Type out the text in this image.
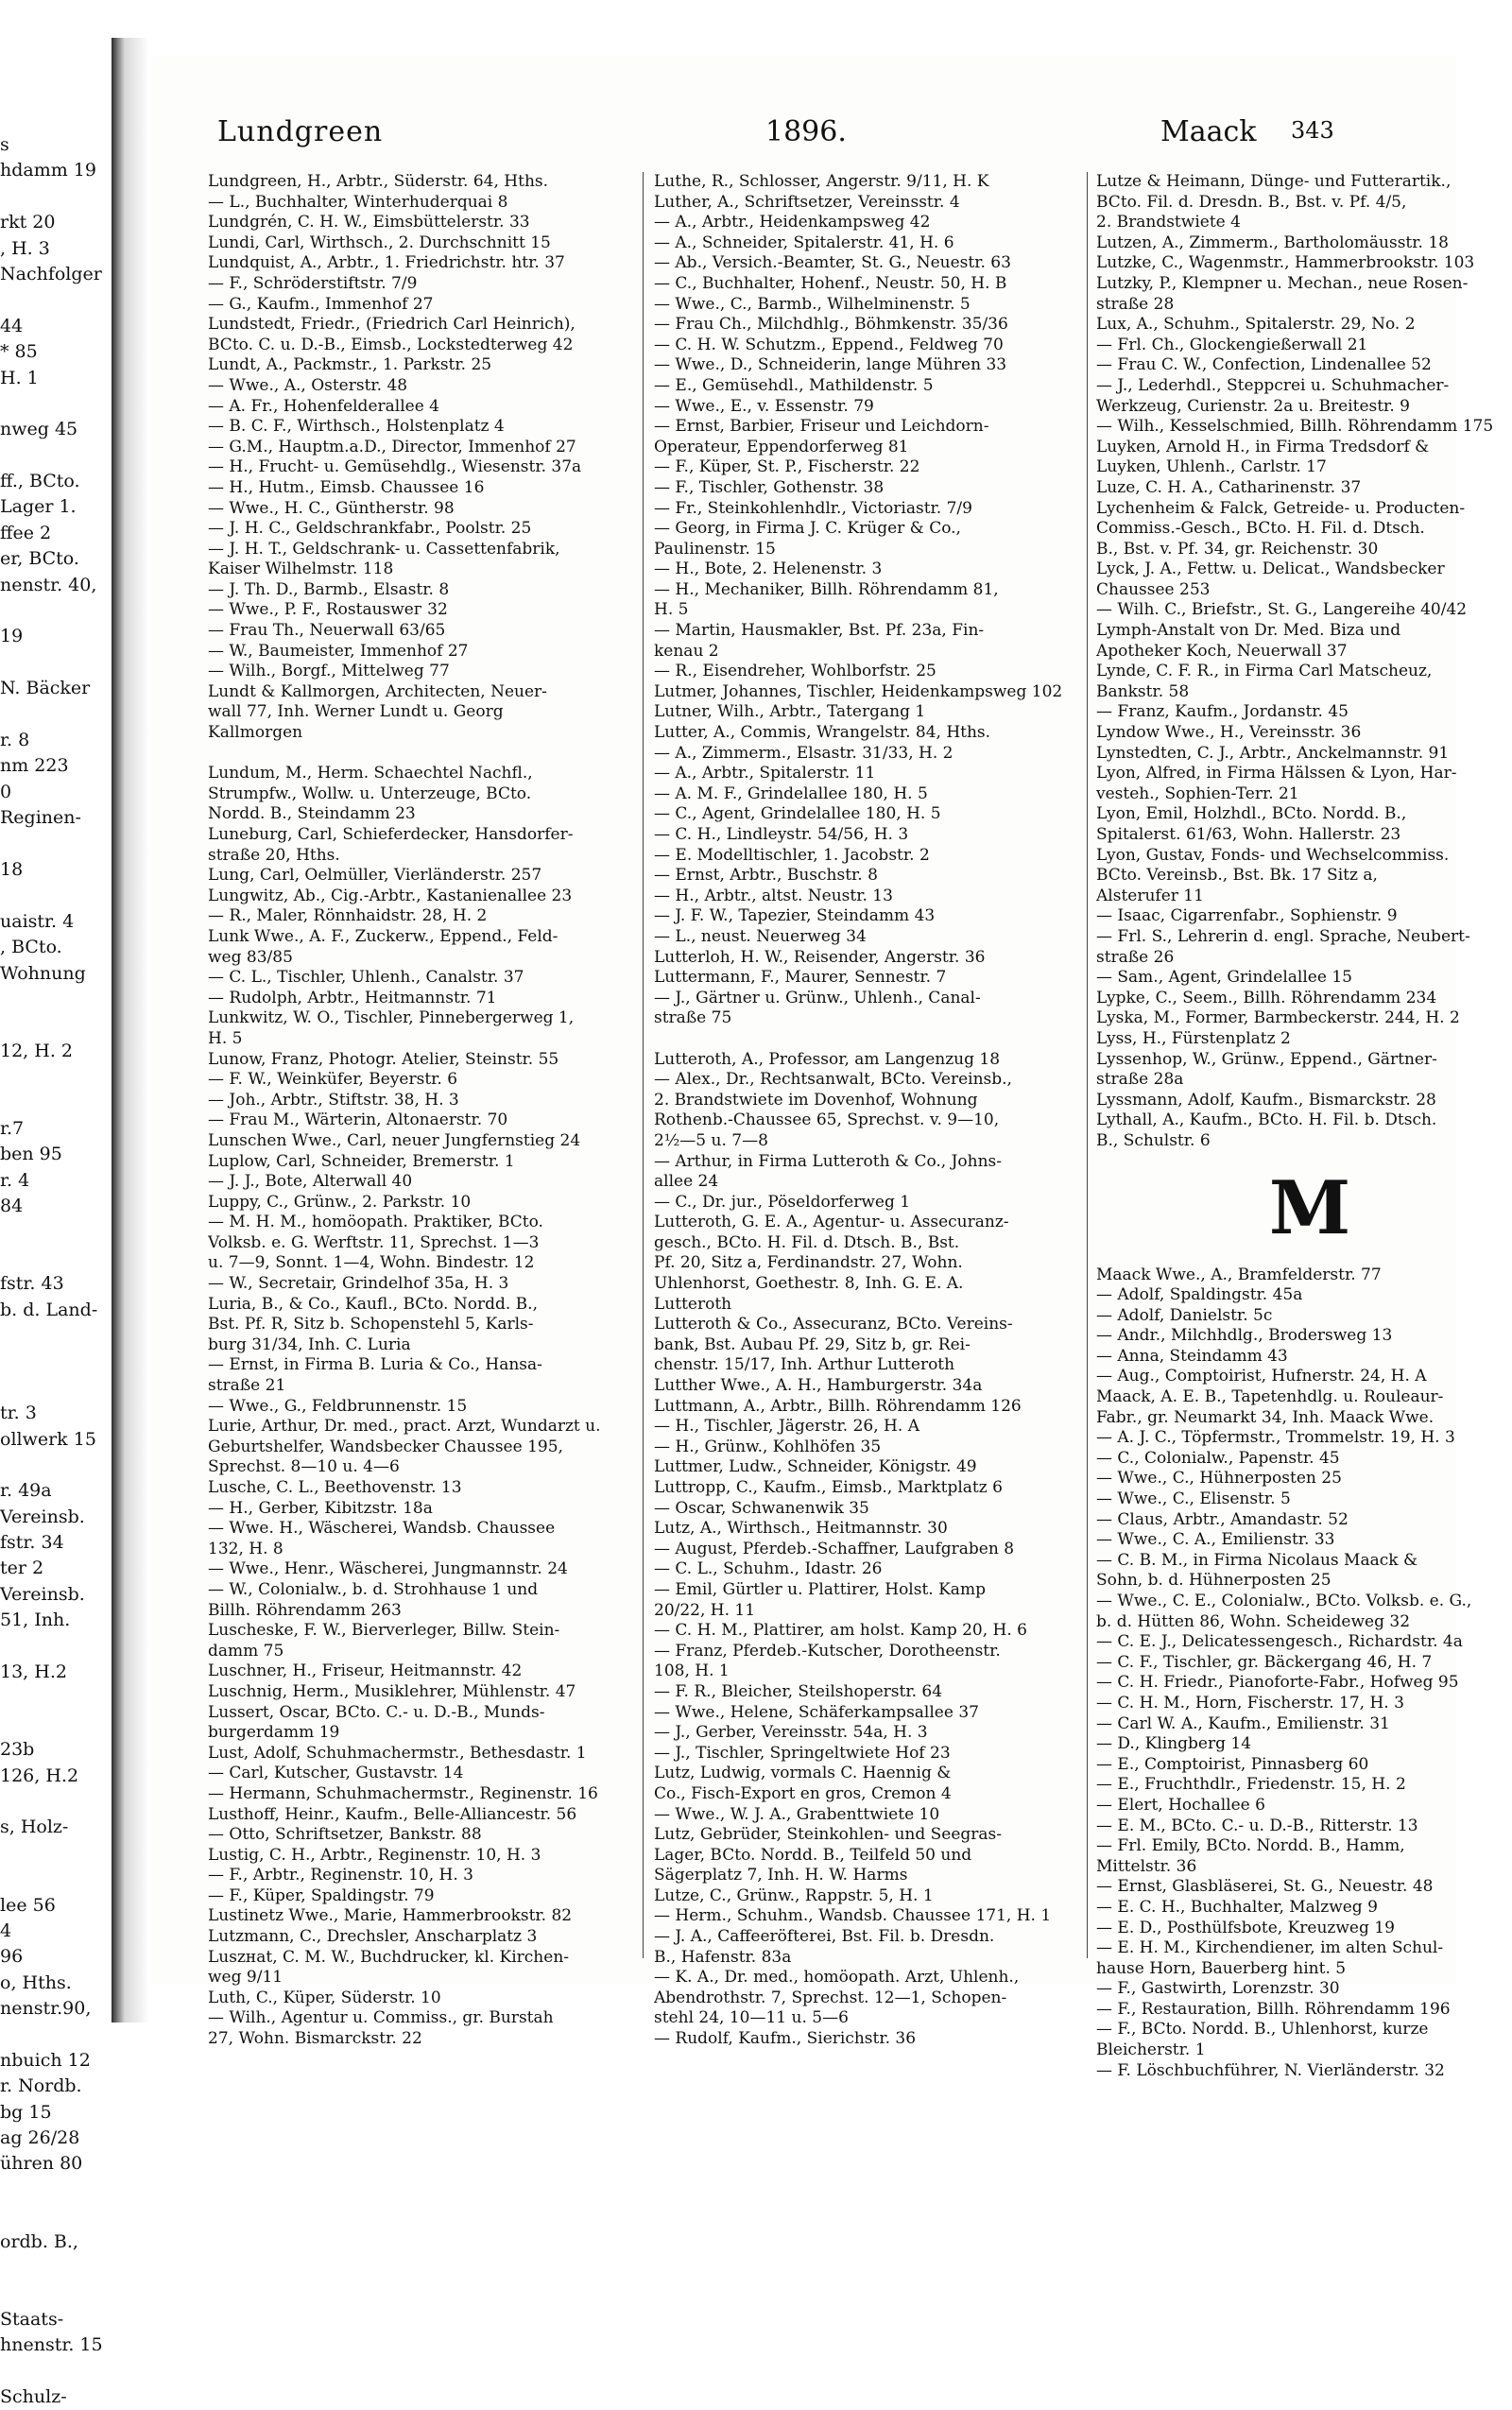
s
hdamm 19
rkt 20
, H. 3
Nachfolger
44
* 85
H. 1
nweg 45
ff., BCto.
Lager 1.
ffee 2
er, BCto.
nenstr. 40,
19
N. Bäcker
r. 8
nm 223
0
Reginen-
18
uaistr. 4
, BCto.
Wohnung
12, H. 2
r.7
ben 95
r. 4
84
fstr. 43
b. d. Land-
tr. 3
ollwerk 15
r. 49a
Vereinsb.
fstr. 34
ter 2
Vereinsb.
51, Inh.
13, H.2
23b
126, H.2
s, Holz-
lee 56
4
96
o, Hths.
nenstr.90,
nbuich 12
r. Nordb.
bg 15
ag 26/28
ühren 80
ordb. B.,
Staats-
hnenstr. 15
Schulz-
Lundgreen	1896.	Maack 343
Lundgreen, H., Arbtr., Süderstr. 64, Hths.
— L., Buchhalter, Winterhuderquai 8
Lundgrén, C. H. W., Eimsbüttelerstr. 33
Lundi, Carl, Wirthsch., 2. Durchschnitt 15
Lundquist, A., Arbtr., 1. Friedrichstr. htr. 37
— F., Schröderstiftstr. 7/9
— G., Kaufm., Immenhof 27
Lundstedt, Friedr., (Friedrich Carl Heinrich),
BCto. C. u. D.-B., Eimsb., Lockstedterweg 42
Lundt, A., Packmstr., 1. Parkstr. 25
— Wwe., A., Osterstr. 48
— A. Fr., Hohenfelderallee 4
— B. C. F., Wirthsch., Holstenplatz 4
— G.M., Hauptm.a.D., Director, Immenhof 27
— H., Frucht- u. Gemüsehdlg., Wiesenstr. 37a
— H., Hutm., Eimsb. Chaussee 16
— Wwe., H. C., Güntherstr. 98
— J. H. C., Geldschrankfabr., Poolstr. 25
— J. H. T., Geldschrank- u. Cassettenfabrik,
Kaiser Wilhelmstr. 118
— J. Th. D., Barmb., Elsastr. 8
— Wwe., P. F., Rostauswег 32
— Frau Th., Neuerwall 63/65
— W., Baumeister, Immenhof 27
— Wilh., Borgf., Mittelweg 77
Lundt & Kallmorgen, Architecten, Neuer-
wall 77, Inh. Werner Lundt u. Georg
Kallmorgen
Lundum, M., Herm. Schaechtel Nachfl.,
Strumpfw., Wollw. u. Unterzeuge, BCto.
Nordd. B., Steindamm 23
Luneburg, Carl, Schieferdecker, Hansdorfer-
straße 20, Hths.
Lung, Carl, Oelmüller, Vierländerstr. 257
Lungwitz, Ab., Cig.-Arbtr., Kastanienallee 23
— R., Maler, Rönnhaidstr. 28, H. 2
Lunk Wwe., A. F., Zuckerw., Eppend., Feld-
weg 83/85
— C. L., Tischler, Uhlenh., Canalstr. 37
— Rudolph, Arbtr., Heitmannstr. 71
Lunkwitz, W. O., Tischler, Pinnebergerweg 1,
H. 5
Lunow, Franz, Photogr. Atelier, Steinstr. 55
— F. W., Weinküfer, Beyerstr. 6
— Joh., Arbtr., Stiftstr. 38, H. 3
— Frau M., Wärterin, Altonaerstr. 70
Lunschen Wwe., Carl, neuer Jungfernstieg 24
Luplow, Carl, Schneider, Bremerstr. 1
— J. J., Bote, Alterwall 40
Luppy, C., Grünw., 2. Parkstr. 10
— M. H. M., homöopath. Praktiker, BCto.
Volksb. e. G. Werftstr. 11, Sprechst. 1—3
u. 7—9, Sonnt. 1—4, Wohn. Bindestr. 12
— W., Secretair, Grindelhof 35a, H. 3
Luria, B., & Co., Kaufl., BCto. Nordd. B.,
Bst. Pf. R, Sitz b. Schopenstehl 5, Karls-
burg 31/34, Inh. C. Luria
— Ernst, in Firma B. Luria & Co., Hansa-
straße 21
— Wwe., G., Feldbrunnenstr. 15
Lurie, Arthur, Dr. med., pract. Arzt, Wundarzt u.
Geburtshelfer, Wandsbecker Chaussee 195,
Sprechst. 8—10 u. 4—6
Lusche, C. L., Beethovenstr. 13
— H., Gerber, Kibitzstr. 18a
— Wwe. H., Wäscherei, Wandsb. Chaussee
132, H. 8
— Wwe., Henr., Wäscherei, Jungmannstr. 24
— W., Colonialw., b. d. Strohhause 1 und
Billh. Röhrendamm 263
Luscheske, F. W., Bierverleger, Billw. Stein-
damm 75
Luschner, H., Friseur, Heitmannstr. 42
Luschnig, Herm., Musiklehrer, Mühlenstr. 47
Lussert, Oscar, BCto. C.- u. D.-B., Munds-
burgerdamm 19
Lust, Adolf, Schuhmachermstr., Bethesdastr. 1
— Carl, Kutscher, Gustavstr. 14
— Hermann, Schuhmachermstr., Reginenstr. 16
Lusthoff, Heinr., Kaufm., Belle-Alliancestr. 56
— Otto, Schriftsetzer, Bankstr. 88
Lustig, C. H., Arbtr., Reginenstr. 10, H. 3
— F., Arbtr., Reginenstr. 10, H. 3
— F., Küper, Spaldingstr. 79
Lustinetz Wwe., Marie, Hammerbrookstr. 82
Lutzmann, C., Drechsler, Anscharplatz 3
Luszнat, C. M. W., Buchdrucker, kl. Kirchen-
weg 9/11
Luth, C., Küper, Süderstr. 10
— Wilh., Agentur u. Commiss., gr. Burstah
27, Wohn. Bismarckstr. 22
Luthe, R., Schlosser, Angerstr. 9/11, H. K
Luther, A., Schriftsetzer, Vereinsstr. 4
— A., Arbtr., Heidenkampsweg 42
— A., Schneider, Spitalerstr. 41, H. 6
— Ab., Versich.-Beamter, St. G., Neuestr. 63
— C., Buchhalter, Hohenf., Neustr. 50, H. B
— Wwe., C., Barmb., Wilhelminenstr. 5
— Frau Ch., Milchdhlg., Böhmkenstr. 35/36
— C. H. W. Schutzm., Eppend., Feldweg 70
— Wwe., D., Schneiderin, lange Mühren 33
— E., Gemüsehdl., Mathildenstr. 5
— Wwe., E., v. Essenstr. 79
— Ernst, Barbier, Friseur und Leichdorn-
Operateur, Eppendorferweg 81
— F., Küper, St. P., Fischerstr. 22
— F., Tischler, Gothenstr. 38
— Fr., Steinkohlenhdlr., Victoriastr. 7/9
— Georg, in Firma J. C. Krüger & Co.,
Paulinenstr. 15
— H., Bote, 2. Helenenstr. 3
— H., Mechaniker, Billh. Röhrendamm 81,
H. 5
— Martin, Hausmakler, Bst. Pf. 23a, Fin-
kenau 2
— R., Eisendreher, Wohlborfstr. 25
Lutmer, Johannes, Tischler, Heidenkampsweg 102
Lutner, Wilh., Arbtr., Tatergang 1
Lutter, A., Commis, Wrangelstr. 84, Hths.
— A., Zimmerm., Elsastr. 31/33, H. 2
— A., Arbtr., Spitalerstr. 11
— A. M. F., Grindelallee 180, H. 5
— C., Agent, Grindelallee 180, H. 5
— C. H., Lindleystr. 54/56, H. 3
— E. Modelltischler, 1. Jacobstr. 2
— Ernst, Arbtr., Buschstr. 8
— H., Arbtr., altst. Neustr. 13
— J. F. W., Tapezier, Steindamm 43
— L., neust. Neuerweg 34
Lutterloh, H. W., Reisender, Angerstr. 36
Luttermann, F., Maurer, Sennestr. 7
— J., Gärtner u. Grünw., Uhlenh., Canal-
straße 75
Lutteroth, A., Professor, am Langenzug 18
— Alex., Dr., Rechtsanwalt, BCto. Vereinsb.,
2. Brandstwiete im Dovenhof, Wohnung
Rothenb.-Chaussee 65, Sprechst. v. 9—10,
2½—5 u. 7—8
— Arthur, in Firma Lutteroth & Co., Johns-
allee 24
— C., Dr. jur., Pöseldorferweg 1
Lutteroth, G. E. A., Agentur- u. Assecuranz-
gesch., BCto. H. Fil. d. Dtsch. B., Bst.
Pf. 20, Sitz a, Ferdinandstr. 27, Wohn.
Uhlenhorst, Goethestr. 8, Inh. G. E. A.
Lutteroth
Lutteroth & Co., Assecuranz, BCto. Vereins-
bank, Bst. Aubau Pf. 29, Sitz b, gr. Rei-
chenstr. 15/17, Inh. Arthur Lutteroth
Lutther Wwe., A. H., Hamburgerstr. 34a
Luttmann, A., Arbtr., Billh. Röhrendamm 126
— H., Tischler, Jägerstr. 26, H. A
— H., Grünw., Kohlhöfen 35
Luttmer, Ludw., Schneider, Königstr. 49
Luttropp, C., Kaufm., Eimsb., Marktplatz 6
— Oscar, Schwanenwik 35
Lutz, A., Wirthsch., Heitmannstr. 30
— August, Pferdeb.-Schaffner, Laufgraben 8
— C. L., Schuhm., Idastr. 26
— Emil, Gürtler u. Plattirer, Holst. Kamp
20/22, H. 11
— C. H. M., Plattirer, am holst. Kamp 20, H. 6
— Franz, Pferdeb.-Kutscher, Dorotheenstr.
108, H. 1
— F. R., Bleicher, Steilshoperstr. 64
— Wwe., Helene, Schäferkampsallee 37
— J., Gerber, Vereinsstr. 54a, H. 3
— J., Tischler, Springeltwiete Hof 23
Lutz, Ludwig, vormals C. Haennig &
Co., Fisch-Export en gros, Cremon 4
— Wwe., W. J. A., Grabenttwiete 10
Lutz, Gebrüder, Steinkohlen- und Seegras-
Lager, BCto. Nordd. B., Teilfeld 50 und
Sägerplatz 7, Inh. H. W. Harms
Lutze, C., Grünw., Rappstr. 5, H. 1
— Herm., Schuhm., Wandsb. Chaussee 171, H. 1
— J. A., Caffeeröfterei, Bst. Fil. b. Dresdn.
B., Hafenstr. 83a
— K. A., Dr. med., homöopath. Arzt, Uhlenh.,
Abendrothstr. 7, Sprechst. 12—1, Schopen-
stehl 24, 10—11 u. 5—6
— Rudolf, Kaufm., Sierichstr. 36
Lutze & Heimann, Dünge- und Futterartik.,
BCto. Fil. d. Dresdn. B., Bst. v. Pf. 4/5,
2. Brandstwiete 4
Lutzen, A., Zimmerm., Bartholomäusstr. 18
Lutzke, C., Wagenmstr., Hammerbrookstr. 103
Lutzky, P., Klempner u. Mechan., neue Rosen-
straße 28
Lux, A., Schuhm., Spitalerstr. 29, No. 2
— Frl. Ch., Glockengießerwall 21
— Frau C. W., Confection, Lindenallee 52
— J., Lederhdl., Steppcrei u. Schuhmacher-
Werkzeug, Curienstr. 2a u. Breitestr. 9
— Wilh., Kesselschmied, Billh. Röhrendamm 175
Luyken, Arnold H., in Firma Tredsdorf &
Luyken, Uhlenh., Carlstr. 17
Luze, C. H. A., Catharinenstr. 37
Lychenheim & Falck, Getreide- u. Producten-
Commiss.-Gesch., BCto. H. Fil. d. Dtsch.
B., Bst. v. Pf. 34, gr. Reichenstr. 30
Lyck, J. A., Fettw. u. Delicat., Wandsbecker
Chaussee 253
— Wilh. C., Briefstr., St. G., Langereihe 40/42
Lymph-Anstalt von Dr. Med. Biza und
Apotheker Koch, Neuerwall 37
Lynde, C. F. R., in Firma Carl Matscheuz,
Bankstr. 58
— Franz, Kaufm., Jordanstr. 45
Lyndow Wwe., H., Vereinsstr. 36
Lynstedten, C. J., Arbtr., Anckelmannstr. 91
Lyon, Alfred, in Firma Hälssen & Lyon, Har-
vestеh., Sophien-Terr. 21
Lyon, Emil, Holzhdl., BCto. Nordd. B.,
Spitalerst. 61/63, Wohn. Hallerstr. 23
Lyon, Gustav, Fonds- und Wechselcommiss.
BCto. Vereinsb., Bst. Bk. 17 Sitz a,
Alsterufer 11
— Isaac, Cigarrenfabr., Sophienstr. 9
— Frl. S., Lehrerin d. engl. Sprache, Neubert-
straße 26
— Sam., Agent, Grindelallee 15
Lypke, C., Seem., Billh. Röhrendamm 234
Lyska, M., Former, Barmbeckerstr. 244, H. 2
Lyss, H., Fürstenplatz 2
Lyssenhop, W., Grünw., Eppend., Gärtner-
straße 28a
Lyssmann, Adolf, Kaufm., Bismarckstr. 28
Lythall, A., Kaufm., BCto. H. Fil. b. Dtsch.
B., Schulstr. 6
M
Maack Wwe., A., Bramfelderstr. 77
— Adolf, Spaldingstr. 45a
— Adolf, Danielstr. 5c
— Andr., Milchhdlg., Brodersweg 13
— Anna, Steindamm 43
— Aug., Comptoirist, Hufnerstr. 24, H. A
Maack, A. E. B., Tapetenhdlg. u. Rouleaur-
Fabr., gr. Neumarkt 34, Inh. Maack Wwe.
— A. J. C., Töpfermstr., Trommelstr. 19, H. 3
— C., Colonialw., Papenstr. 45
— Wwe., C., Hühnerposten 25
— Wwe., C., Elisenstr. 5
— Claus, Arbtr., Amandastr. 52
— Wwe., C. A., Emilienstr. 33
— C. B. M., in Firma Nicolaus Maack &
Sohn, b. d. Hühnerposten 25
— Wwe., C. E., Colonialw., BCto. Volksb. e. G.,
b. d. Hütten 86, Wohn. Scheideweg 32
— C. E. J., Delicatessengesch., Richardstr. 4a
— C. F., Tischler, gr. Bäckergang 46, H. 7
— C. H. Friedr., Pianoforte-Fabr., Hofweg 95
— C. H. M., Horn, Fischerstr. 17, H. 3
— Carl W. A., Kaufm., Emilienstr. 31
— D., Klingberg 14
— E., Comptoirist, Pinnasberg 60
— E., Fruchthdlr., Friedenstr. 15, H. 2
— Elert, Hochallee 6
— E. M., BCto. C.- u. D.-B., Ritterstr. 13
— Frl. Emily, BCto. Nordd. B., Hamm,
Mittelstr. 36
— Ernst, Glasbläserei, St. G., Neuestr. 48
— E. C. H., Buchhalter, Malzweg 9
— E. D., Posthülfsbote, Kreuzweg 19
— E. H. M., Kirchendiener, im alten Schul-
hause Horn, Bauerberg hint. 5
— F., Gastwirth, Lorenzstr. 30
— F., Restauration, Billh. Röhrendamm 196
— F., BCto. Nordd. B., Uhlenhorst, kurze
Bleicherstr. 1
— F. Löschbuchführer, N. Vierländerstr. 32
